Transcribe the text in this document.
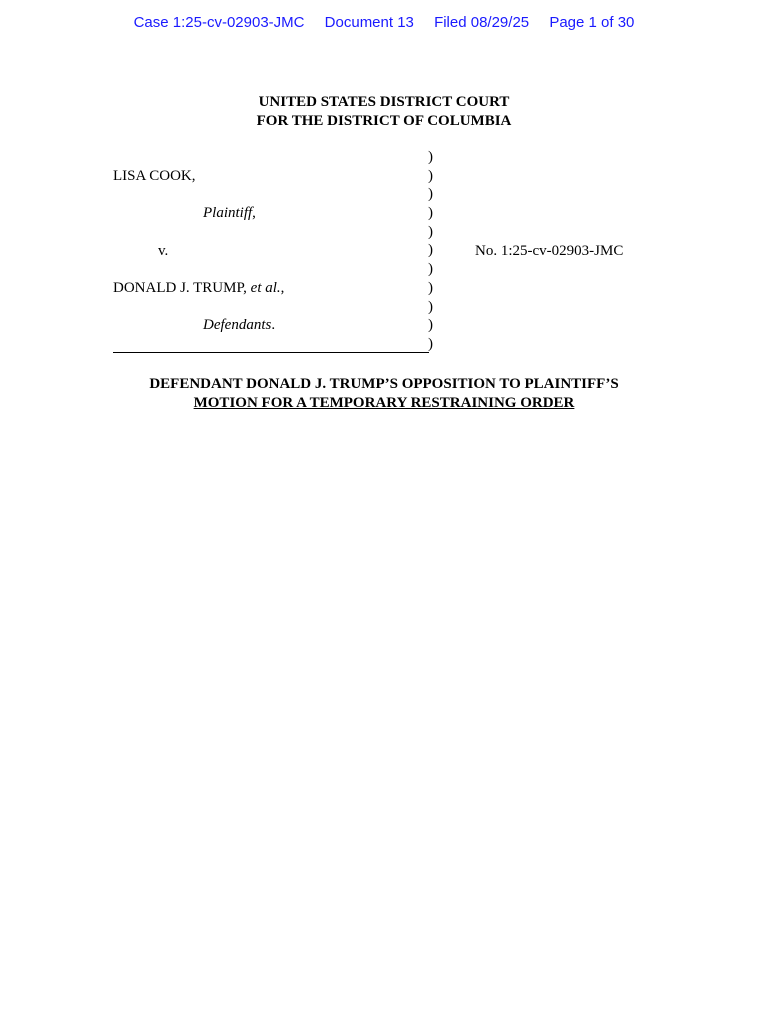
Case 1:25-cv-02903-JMC Document 13 Filed 08/29/25 Page 1 of 30
UNITED STATES DISTRICT COURT
FOR THE DISTRICT OF COLUMBIA
LISA COOK,
Plaintiff,
v.
DONALD J. TRUMP, et al.,
Defendants.
)
)
)
)
)
)
)
)
)
)
)
No. 1:25-cv-02903-JMC
DEFENDANT DONALD J. TRUMP’S OPPOSITION TO PLAINTIFF’S
MOTION FOR A TEMPORARY RESTRAINING ORDER
